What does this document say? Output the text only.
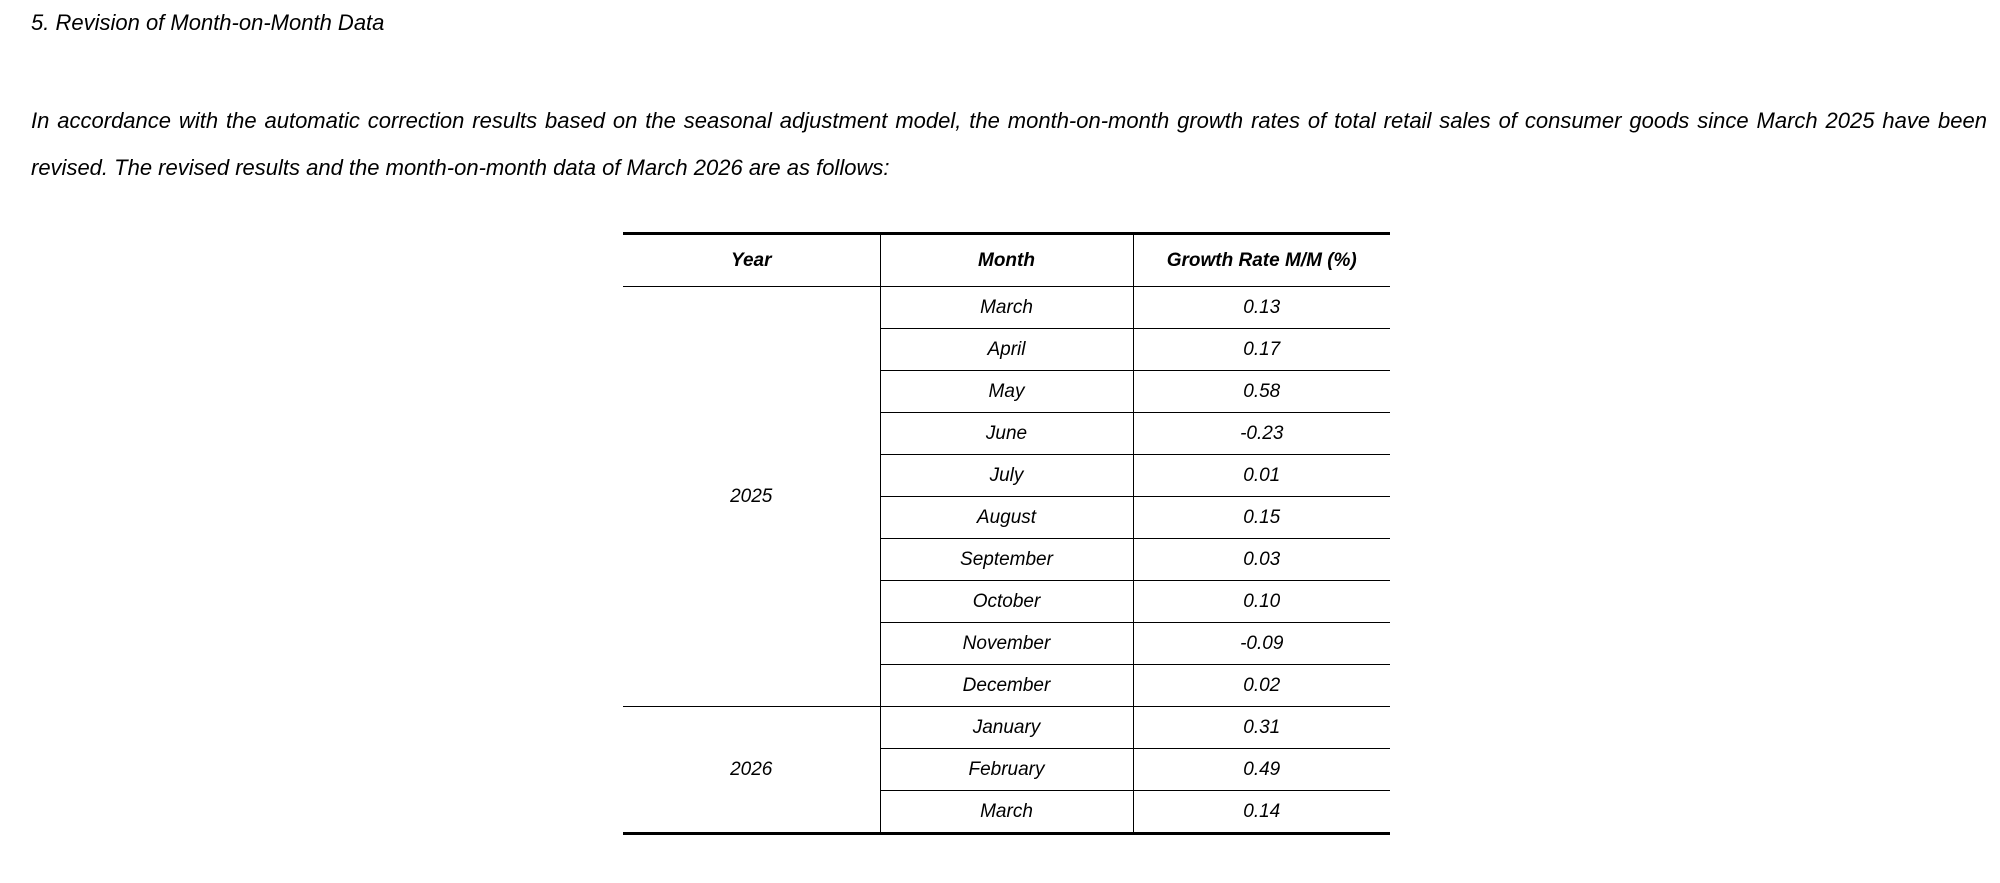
5. Revision of Month-on-Month Data

In accordance with the automatic correction results based on the seasonal adjustment model, the month-on-month growth rates of total retail sales of consumer goods since March 2025 have been revised. The revised results and the month-on-month data of March 2026 are as follows:

Year	Month	Growth Rate M/M (%)
2025	March	0.13
	April	0.17
	May	0.58
	June	-0.23
	July	0.01
	August	0.15
	September	0.03
	October	0.10
	November	-0.09
	December	0.02
2026	January	0.31
	February	0.49
	March	0.14
